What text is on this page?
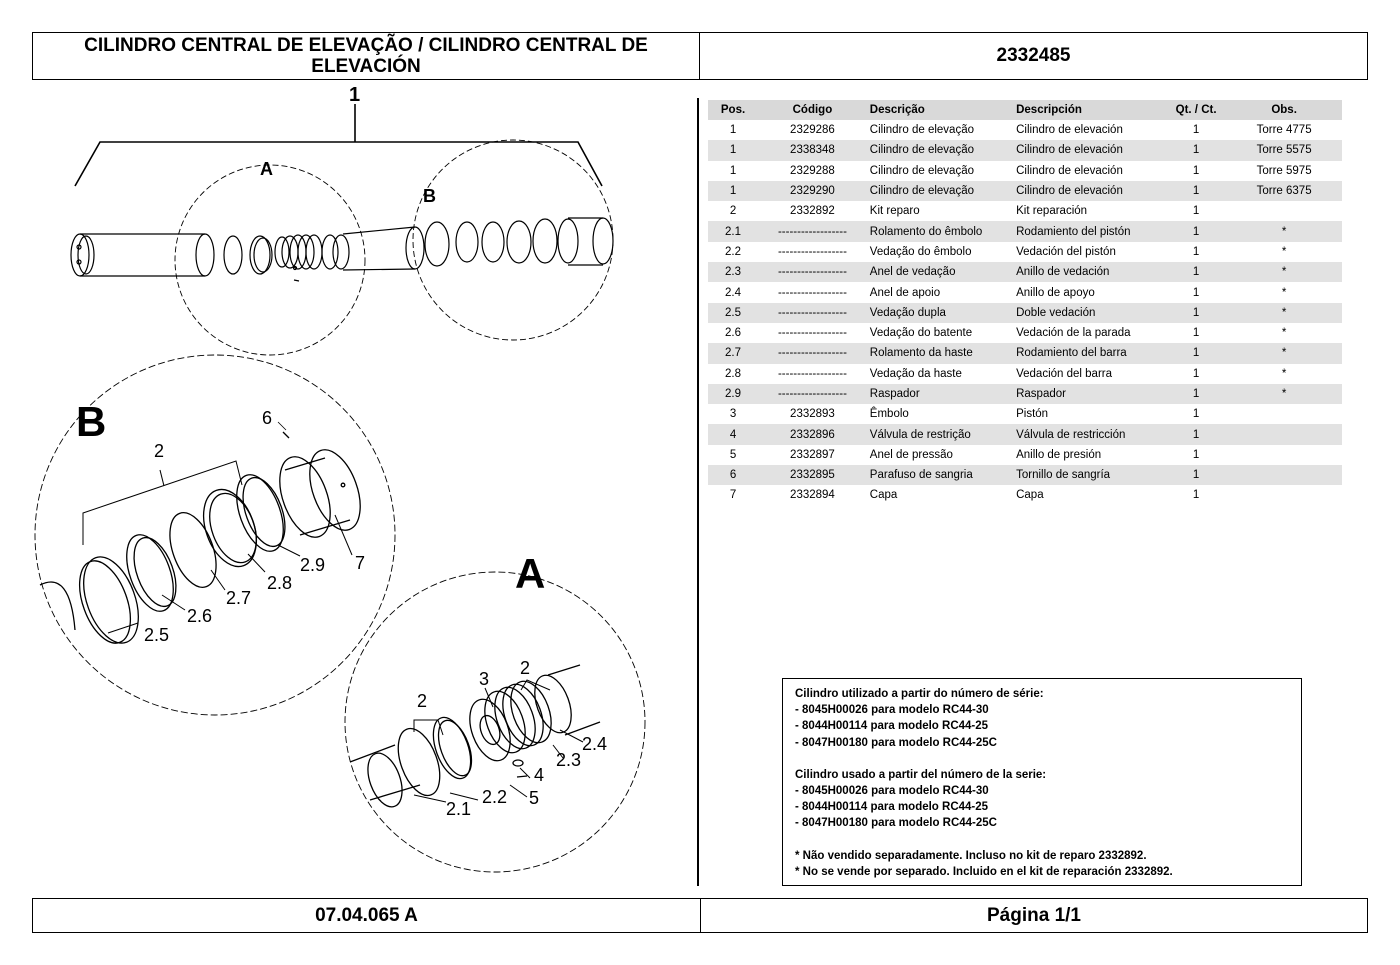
CILINDRO CENTRAL DE ELEVAÇÃO / CILINDRO CENTRAL DE ELEVACIÓN
2332485
1
A
B
B	6
2
2.9 7
2.8
2.7
2.6
2.5
A
2
3
2
2.4
2.3
4
5
2.2
2.1
Pos.	Código	Descrição	Descripción	Qt. / Ct.	Obs.
1	2329286	Cilindro de elevação	Cilindro de elevación	1	Torre 4775
1	2338348	Cilindro de elevação	Cilindro de elevación	1	Torre 5575
1	2329288	Cilindro de elevação	Cilindro de elevación	1	Torre 5975
1	2329290	Cilindro de elevação	Cilindro de elevación	1	Torre 6375
2	2332892	Kit reparo	Kit reparación	1	
2.1	------------------	Rolamento do êmbolo	Rodamiento del pistón	1	*
2.2	------------------	Vedação do êmbolo	Vedación del pistón	1	*
2.3	------------------	Anel de vedação	Anillo de vedación	1	*
2.4	------------------	Anel de apoio	Anillo de apoyo	1	*
2.5	------------------	Vedação dupla	Doble vedación	1	*
2.6	------------------	Vedação do batente	Vedación de la parada	1	*
2.7	------------------	Rolamento da haste	Rodamiento del barra	1	*
2.8	------------------	Vedação da haste	Vedación del barra	1	*
2.9	------------------	Raspador	Raspador	1	*
3	2332893	Êmbolo	Pistón	1	
4	2332896	Válvula de restrição	Válvula de restricción	1	
5	2332897	Anel de pressão	Anillo de presión	1	
6	2332895	Parafuso de sangria	Tornillo de sangría	1	
7	2332894	Capa	Capa	1	
Cilindro utilizado a partir do número de série:
- 8045H00026 para modelo RC44-30
- 8044H00114 para modelo RC44-25
- 8047H00180 para modelo RC44-25C
Cilindro usado a partir del número de la serie:
- 8045H00026 para modelo RC44-30
- 8044H00114 para modelo RC44-25
- 8047H00180 para modelo RC44-25C
* Não vendido separadamente. Incluso no kit de reparo 2332892.
* No se vende por separado. Incluido en el kit de reparación 2332892.
07.04.065 A	Página 1/1
